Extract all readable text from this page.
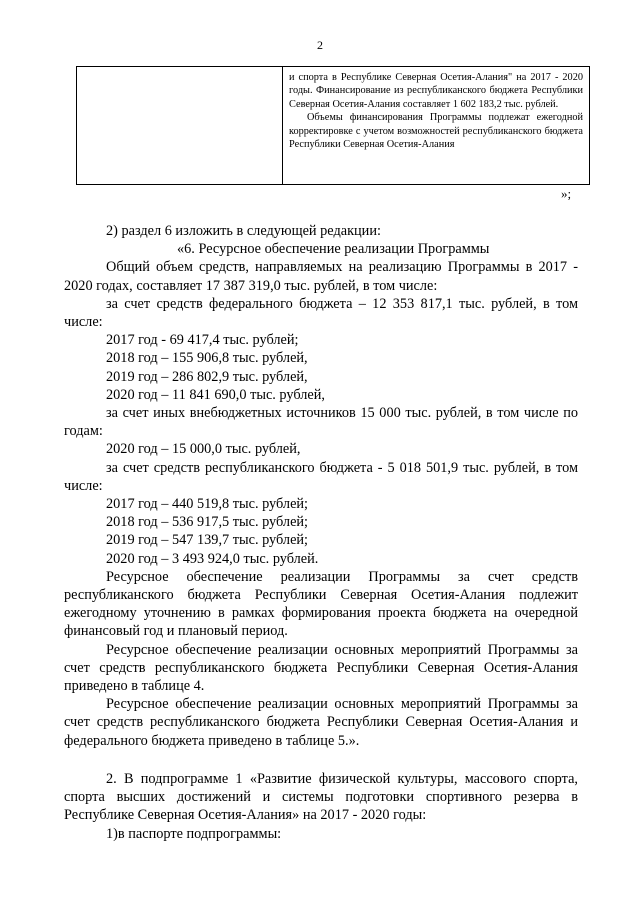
2

и спорта в Республике Северная Осетия-Алания" на 2017 - 2020 годы. Финансирование из республиканского бюджета Республики Северная Осетия-Алания составляет 1 602 183,2 тыс. рублей.

Объемы финансирования Программы подлежат ежегодной корректировке с учетом возможностей республиканского бюджета Республики Северная Осетия-Алания

»;

2) раздел 6 изложить в следующей редакции:

«6. Ресурсное обеспечение реализации Программы

Общий объем средств, направляемых на реализацию Программы в 2017 - 2020 годах, составляет 17 387 319,0 тыс. рублей, в том числе:

за счет средств федерального бюджета – 12 353 817,1 тыс. рублей, в том числе:

2017 год - 69 417,4 тыс. рублей;

2018 год – 155 906,8 тыс. рублей,

2019 год – 286 802,9 тыс. рублей,

2020 год – 11 841 690,0 тыс. рублей,

за счет иных внебюджетных источников 15 000 тыс. рублей, в том числе по годам:

2020 год – 15 000,0 тыс. рублей,

за счет средств республиканского бюджета - 5 018 501,9 тыс. рублей, в том числе:

2017 год – 440 519,8 тыс. рублей;

2018 год – 536 917,5 тыс. рублей;

2019 год – 547 139,7 тыс. рублей;

2020 год – 3 493 924,0 тыс. рублей.

Ресурсное обеспечение реализации Программы за счет средств республиканского бюджета Республики Северная Осетия-Алания подлежит ежегодному уточнению в рамках формирования проекта бюджета на очередной финансовый год и плановый период.

Ресурсное обеспечение реализации основных мероприятий Программы за счет средств республиканского бюджета Республики Северная Осетия-Алания приведено в таблице 4.

Ресурсное обеспечение реализации основных мероприятий Программы за счет средств республиканского бюджета Республики Северная Осетия-Алания и федерального бюджета приведено в таблице 5.».

2. В подпрограмме 1 «Развитие физической культуры, массового спорта, спорта высших достижений и системы подготовки спортивного резерва в Республике Северная Осетия-Алания» на 2017 - 2020 годы:

1)в паспорте подпрограммы:
